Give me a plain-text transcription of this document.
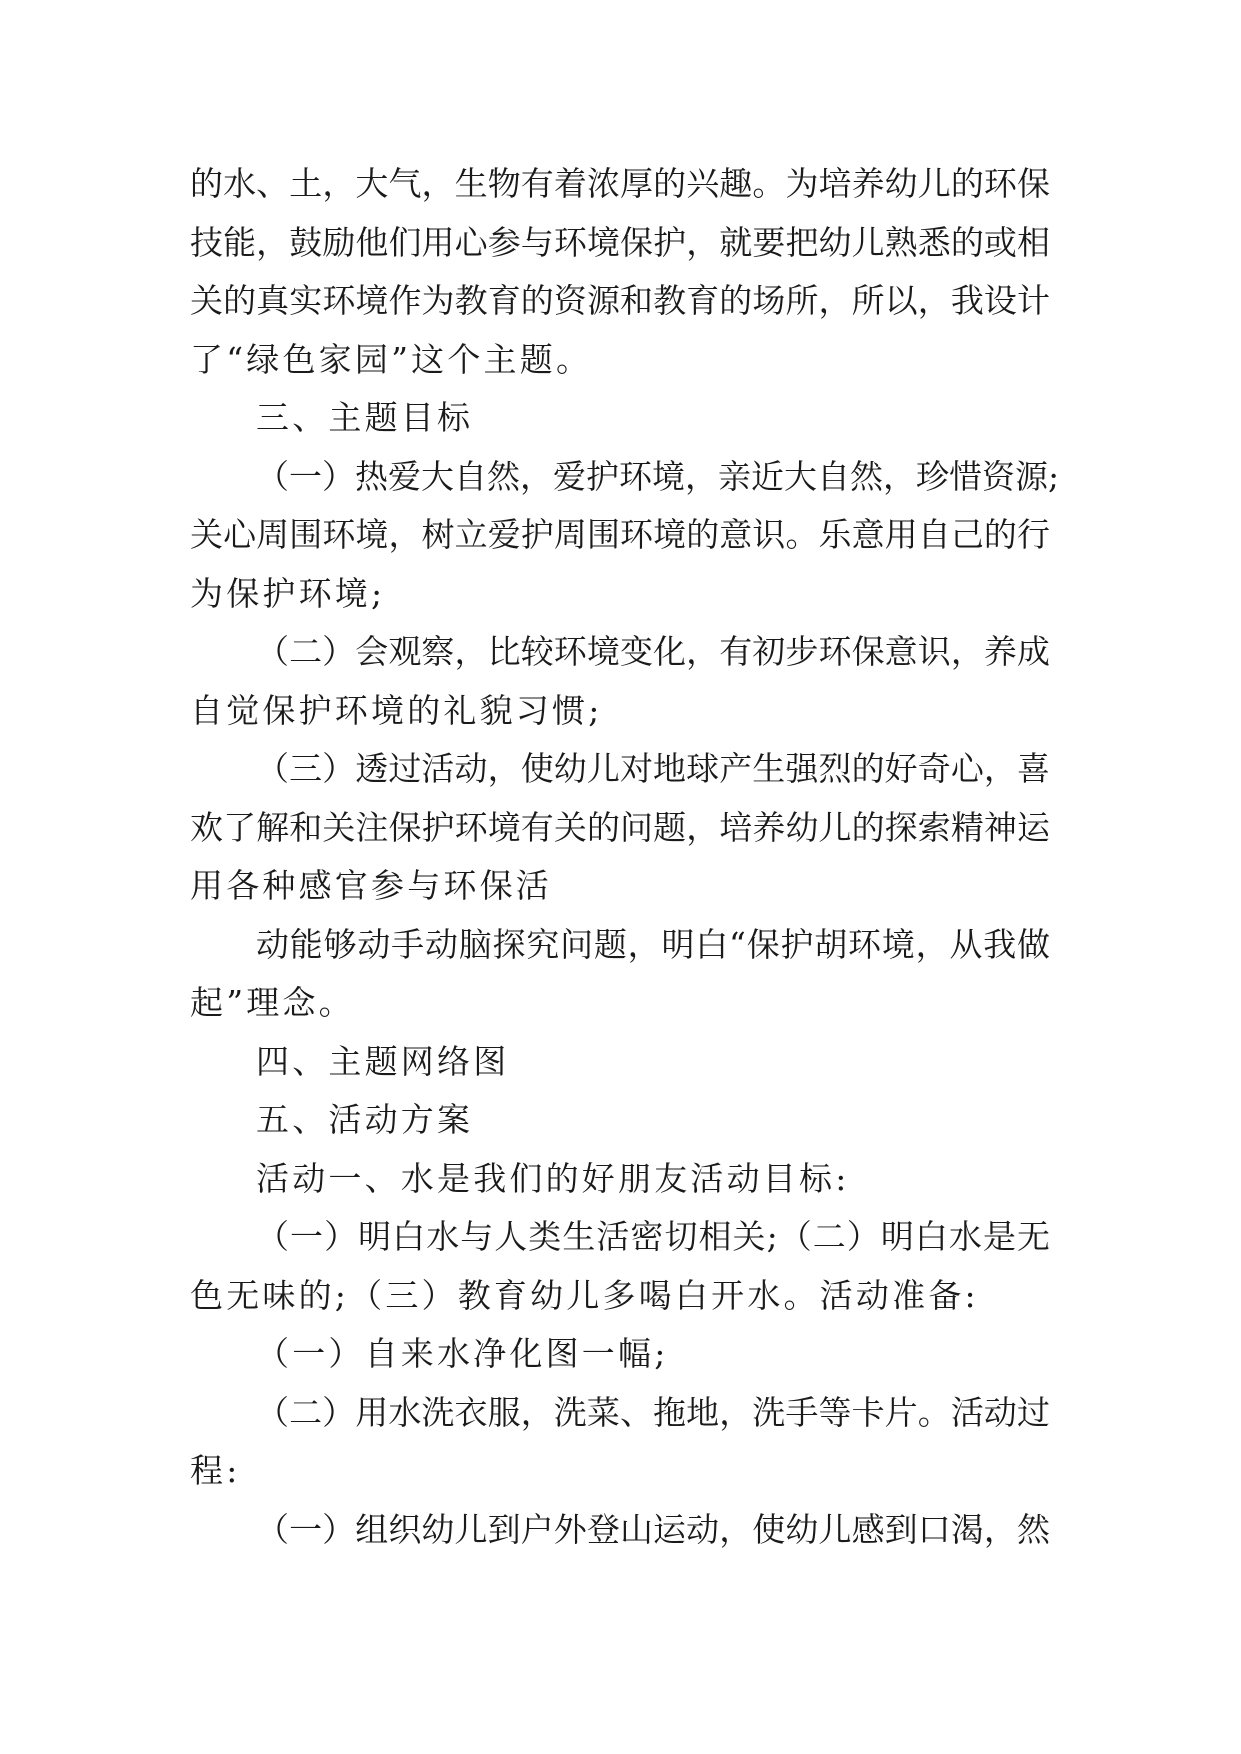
的水、土，大气，生物有着浓厚的兴趣。为培养幼儿的环保
技能，鼓励他们用心参与环境保护，就要把幼儿熟悉的或相
关的真实环境作为教育的资源和教育的场所，所以，我设计
了“绿色家园”这个主题。
三、主题目标
（一）热爱大自然，爱护环境，亲近大自然，珍惜资源;
关心周围环境，树立爱护周围环境的意识。乐意用自己的行
为保护环境;
（二）会观察，比较环境变化，有初步环保意识，养成
自觉保护环境的礼貌习惯;
（三）透过活动，使幼儿对地球产生强烈的好奇心，喜
欢了解和关注保护环境有关的问题，培养幼儿的探索精神运
用各种感官参与环保活
动能够动手动脑探究问题，明白“保护胡环境，从我做
起”理念。
四、主题网络图
五、活动方案
活动一、水是我们的好朋友活动目标:
（一）明白水与人类生活密切相关;（二）明白水是无
色无味的;（三）教育幼儿多喝白开水。活动准备:
（一）自来水净化图一幅;
（二）用水洗衣服，洗菜、拖地，洗手等卡片。活动过
程:
（一）组织幼儿到户外登山运动，使幼儿感到口渴，然
